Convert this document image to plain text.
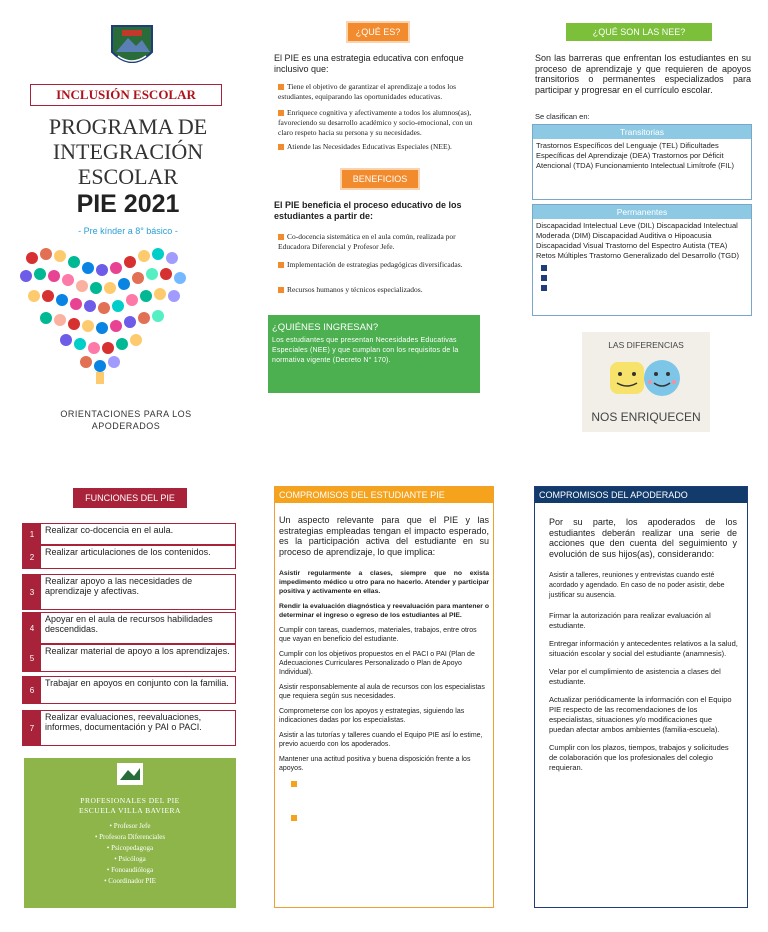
INCLUSIÓN ESCOLAR
PROGRAMA DE
INTEGRACIÓN
ESCOLAR
PIE 2021
- Pre kínder a 8° básico -
ORIENTACIONES PARA LOS
APODERADOS
¿QUÉ ES?
El PIE es una estrategia educativa con enfoque inclusivo que:
Tiene el objetivo de garantizar el aprendizaje a todos los estudiantes, equiparando las oportunidades educativas.
Enriquece cognitiva y afectivamente a todos los alumnos(as), favoreciendo su desarrollo académico y socio-emocional, con un claro respeto hacia su persona y su necesidades.
Atiende las Necesidades Educativas Especiales (NEE).
BENEFICIOS
El PIE beneficia el proceso educativo de los estudiantes a partir de:
Co-docencia sistemática en el aula común, realizada por Educadora Diferencial y Profesor Jefe.
Implementación de estrategias pedagógicas diversificadas.
Recursos humanos y técnicos especializados.
¿QUIÉNES INGRESAN?
Los estudiantes que presentan Necesidades Educativas Especiales (NEE) y que cumplan con los requisitos de la normativa vigente (Decreto N° 170).
¿QUÉ SON LAS NEE?
Son las barreras que enfrentan los estudiantes en su proceso de aprendizaje y que requieren de apoyos transitorios o permanentes especializados para participar y progresar en el currículo escolar.
Se clasifican en:
Transitorias
Trastornos Específicos del Lenguaje (TEL) Dificultades Específicas del Aprendizaje (DEA) Trastornos por Déficit Atencional (TDA) Funcionamiento Intelectual Limítrofe (FIL)
Permanentes
Discapacidad Intelectual Leve (DIL) Discapacidad Intelectual Moderada (DIM) Discapacidad Auditiva o Hipoacusia Discapacidad Visual Trastorno del Espectro Autista (TEA) Retos Múltiples Trastorno Generalizado del Desarrollo (TGD)
LAS DIFERENCIAS
NOS ENRIQUECEN
FUNCIONES DEL PIE
1	Realizar co-docencia en el aula.
2	Realizar articulaciones de los contenidos.
3
Realizar apoyo a las necesidades de aprendizaje y afectivas.
4
Apoyar en el aula de recursos habilidades descendidas.
5
Realizar material de apoyo a los aprendizajes.
6
Trabajar en apoyos en conjunto con la familia.
7
Realizar evaluaciones, reevaluaciones, informes, documentación y PAI o PACI.
PROFESIONALES DEL PIE
ESCUELA VILLA BAVIERA
• Profesor Jefe
• Profesora Diferenciales
• Psicopedagoga
• Psicóloga
• Fonoaudióloga
• Coordinador PIE
COMPROMISOS DEL ESTUDIANTE PIE
Un aspecto relevante para que el PIE y las estrategias empleadas tengan el impacto esperado, es la participación activa del estudiante en su proceso de aprendizaje, lo que implica:
Asistir regularmente a clases, siempre que no exista impedimento médico u otro para no hacerlo. Atender y participar positiva y activamente en ellas.
Rendir la evaluación diagnóstica y reevaluación para mantener o determinar el ingreso o egreso de los estudiantes al PIE.
Cumplir con tareas, cuadernos, materiales, trabajos, entre otros que vayan en beneficio del estudiante.
Cumplir con los objetivos propuestos en el PACI o PAI (Plan de Adecuaciones Curriculares Personalizado o Plan de Apoyo Individual).
Asistir responsablemente al aula de recursos con los especialistas que requiera según sus necesidades.
Comprometerse con los apoyos y estrategias, siguiendo las indicaciones dadas por los especialistas.
Asistir a las tutorías y talleres cuando el Equipo PIE así lo estime, previo acuerdo con los apoderados.
Mantener una actitud positiva y buena disposición frente a los apoyos.
COMPROMISOS DEL APODERADO
Por su parte, los apoderados de los estudiantes deberán realizar una serie de acciones que den cuenta del seguimiento y evolución de sus hijos(as), considerando:
Asistir a talleres, reuniones y entrevistas cuando esté acordado y agendado. En caso de no poder asistir, debe justificar su ausencia.
Firmar la autorización para realizar evaluación al estudiante.
Entregar información y antecedentes relativos a la salud, situación escolar y social del estudiante (anamnesis).
Velar por el cumplimiento de asistencia a clases del estudiante.
Actualizar periódicamente la información con el Equipo PIE respecto de las recomendaciones de los especialistas, situaciones y/o modificaciones que puedan afectar ambos ambientes (familia-escuela).
Cumplir con los plazos, tiempos, trabajos y solicitudes de colaboración que los profesionales del colegio requieran.
